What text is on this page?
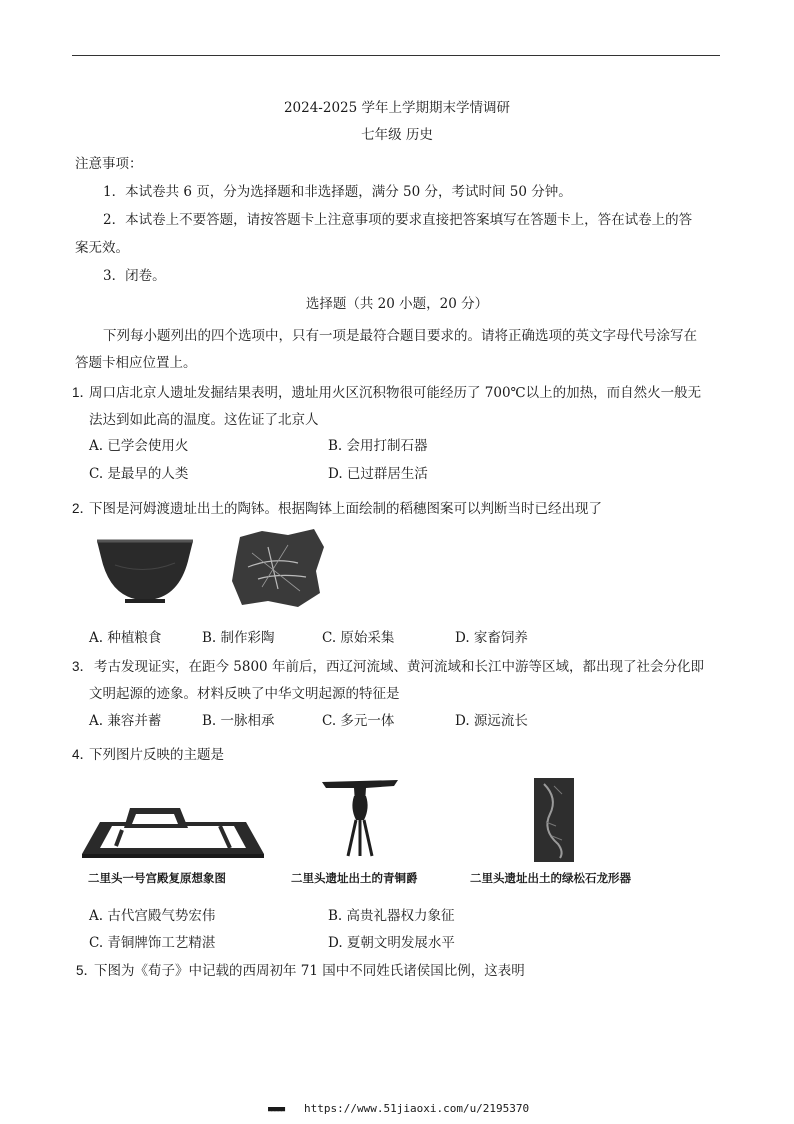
2024-2025 学年上学期期末学情调研
七年级 历史
注意事项：
1．本试卷共 6 页，分为选择题和非选择题，满分 50 分，考试时间 50 分钟。
2．本试卷上不要答题，请按答题卡上注意事项的要求直接把答案填写在答题卡上，答在试卷上的答
案无效。
3．闭卷。
选择题（共 20 小题，20 分）
下列每小题列出的四个选项中，只有一项是最符合题目要求的。请将正确选项的英文字母代号涂写在
答题卡相应位置上。
1．
周口店北京人遗址发掘结果表明，遗址用火区沉积物很可能经历了 700℃以上的加热，而自然火一般无
法达到如此高的温度。这佐证了北京人
A. 已学会使用火	B. 会用打制石器
C. 是最早的人类	D. 已过群居生活
2．
下图是河姆渡遗址出土的陶钵。根据陶钵上面绘制的稻穗图案可以判断当时已经出现了
A. 种植粮食	B. 制作彩陶	C. 原始采集	D. 家畜饲养
3． 考古发现证实，在距今 5800 年前后，西辽河流域、黄河流域和长江中游等区域，都出现了社会分化即
文明起源的迹象。材料反映了中华文明起源的特征是
A. 兼容并蓄	B. 一脉相承	C. 多元一体	D. 源远流长
4．
下列图片反映的主题是
二里头一号宫殿复原想象图	二里头遗址出土的青铜爵	二里头遗址出土的绿松石龙形器
A. 古代宫殿气势宏伟	B. 高贵礼器权力象征
C. 青铜牌饰工艺精湛	D. 夏朝文明发展水平
5．
下图为《荀子》中记载的西周初年 71 国中不同姓氏诸侯国比例，这表明
■■■■■ https://www.51jiaoxi.com/u/2195370
